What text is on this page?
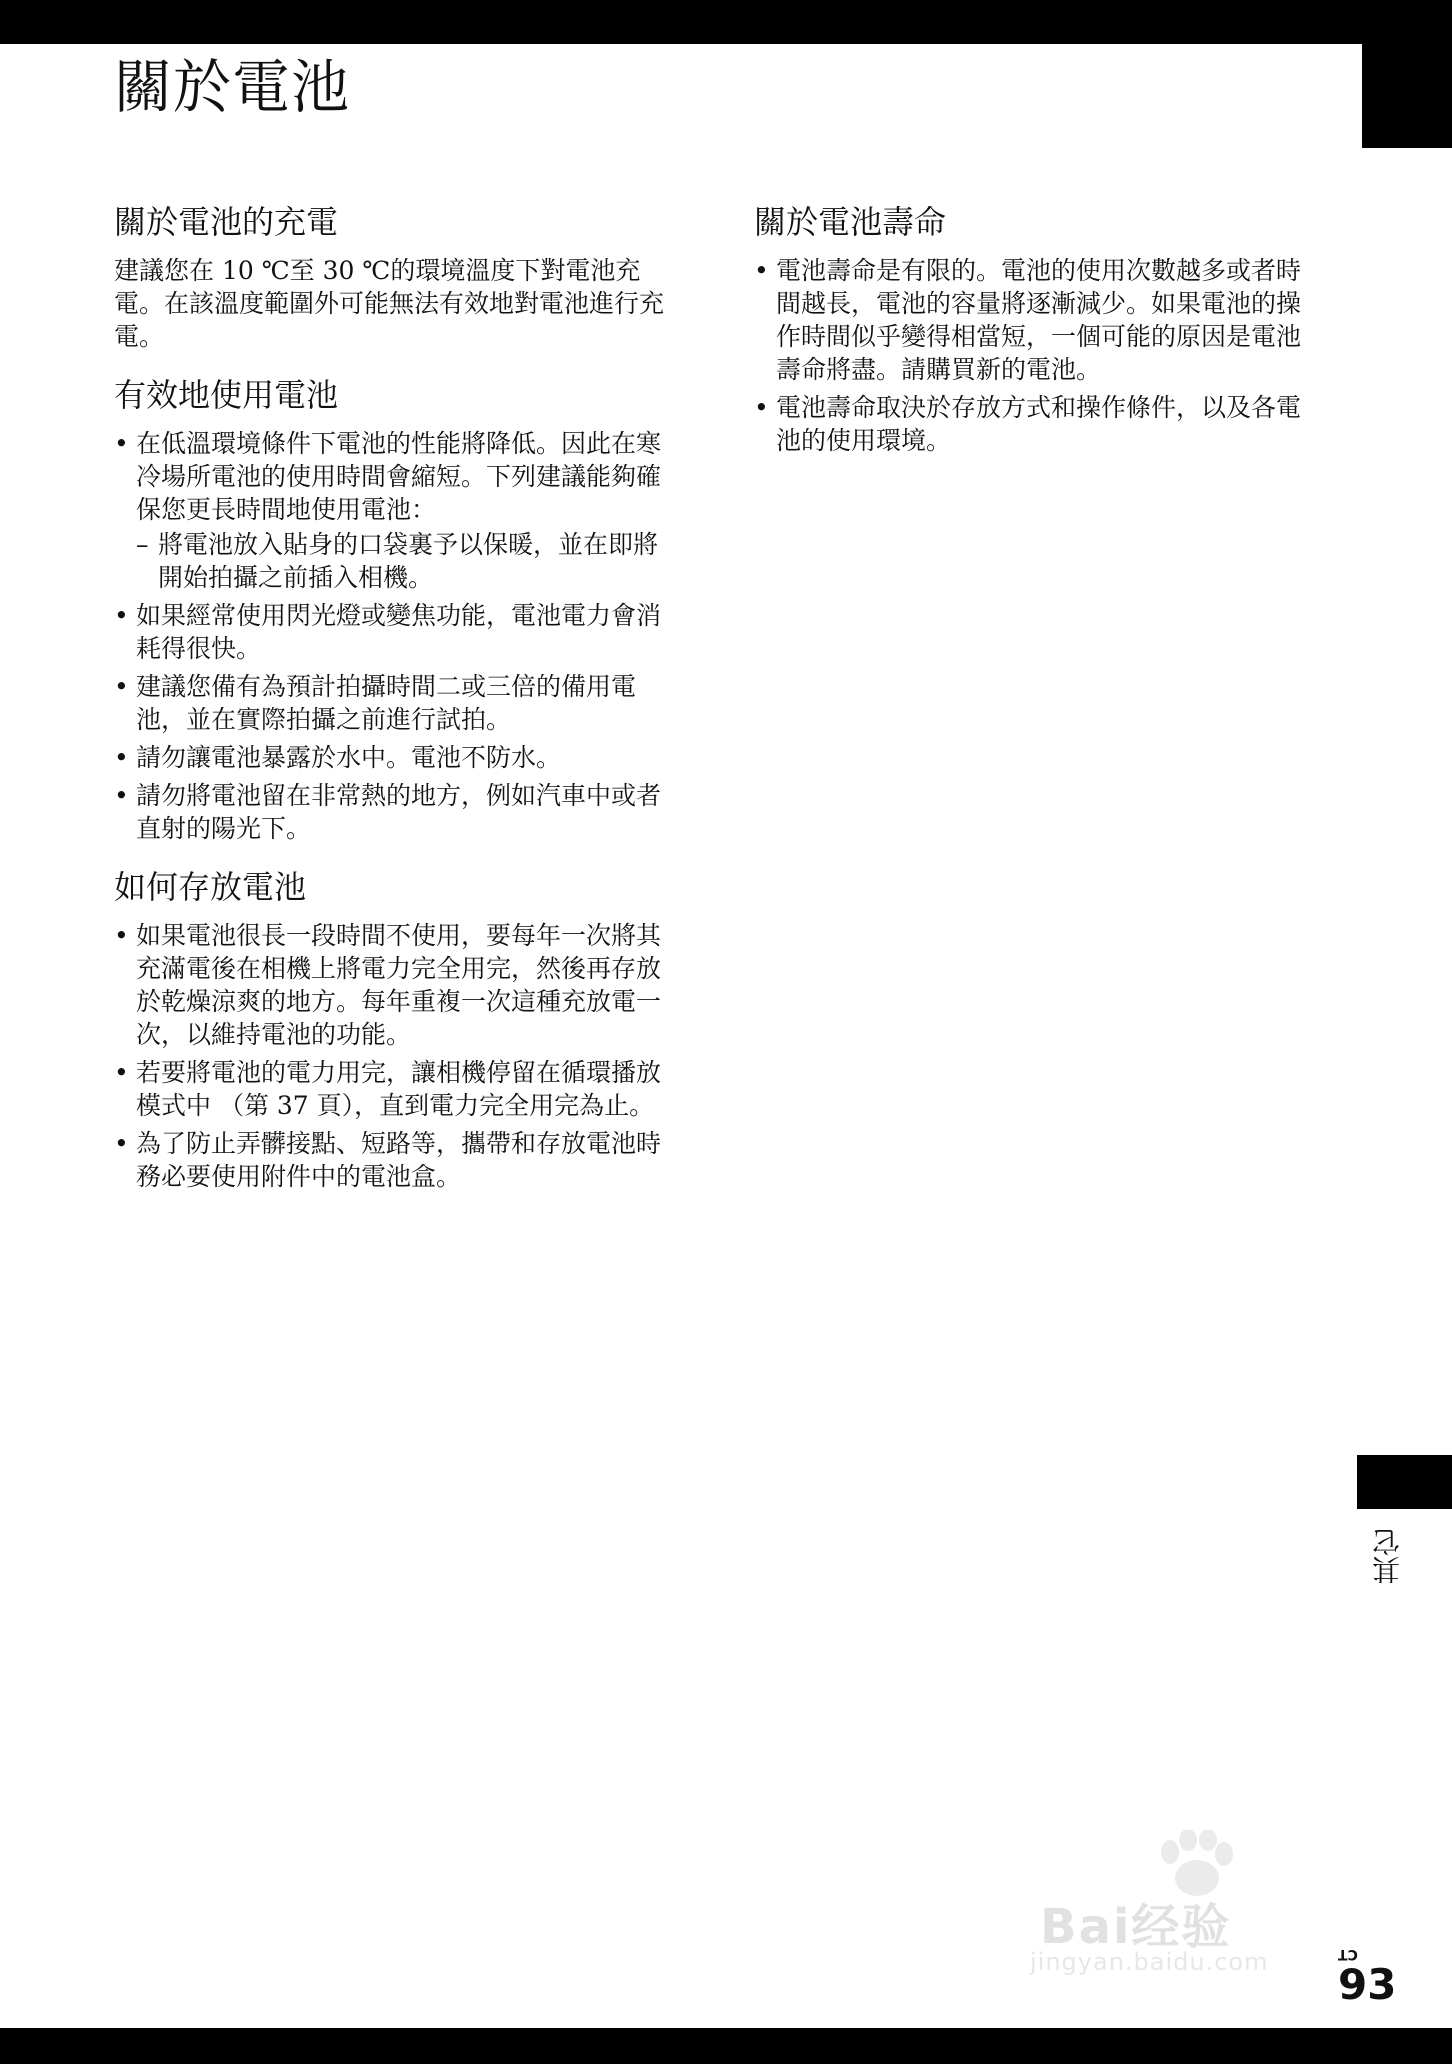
關於電池
關於電池的充電

建議您在 10 ℃至 30 ℃的環境溫度下對電池充電。在該溫度範圍外可能無法有效地對電池進行充電。

有效地使用電池
• 在低溫環境條件下電池的性能將降低。因此在寒冷場所電池的使用時間會縮短。下列建議能夠確保您更長時間地使用電池：
– 將電池放入貼身的口袋裏予以保暖，並在即將開始拍攝之前插入相機。
• 如果經常使用閃光燈或變焦功能，電池電力會消耗得很快。
• 建議您備有為預計拍攝時間二或三倍的備用電池，並在實際拍攝之前進行試拍。
• 請勿讓電池暴露於水中。電池不防水。
• 請勿將電池留在非常熱的地方，例如汽車中或者直射的陽光下。
如何存放電池
• 如果電池很長一段時間不使用，要每年一次將其充滿電後在相機上將電力完全用完，然後再存放於乾燥涼爽的地方。每年重複一次這種充放電一次，以維持電池的功能。
• 若要將電池的電力用完，讓相機停留在循環播放模式中 （第 37 頁），直到電力完全用完為止。
• 為了防止弄髒接點、短路等，攜帶和存放電池時務必要使用附件中的電池盒。
關於電池壽命
• 電池壽命是有限的。電池的使用次數越多或者時間越長，電池的容量將逐漸減少。如果電池的操作時間似乎變得相當短，一個可能的原因是電池壽命將盡。請購買新的電池。
• 電池壽命取決於存放方式和操作條件，以及各電池的使用環境。
其它
Bai经验
jingyan.baidu.com	CT
93
